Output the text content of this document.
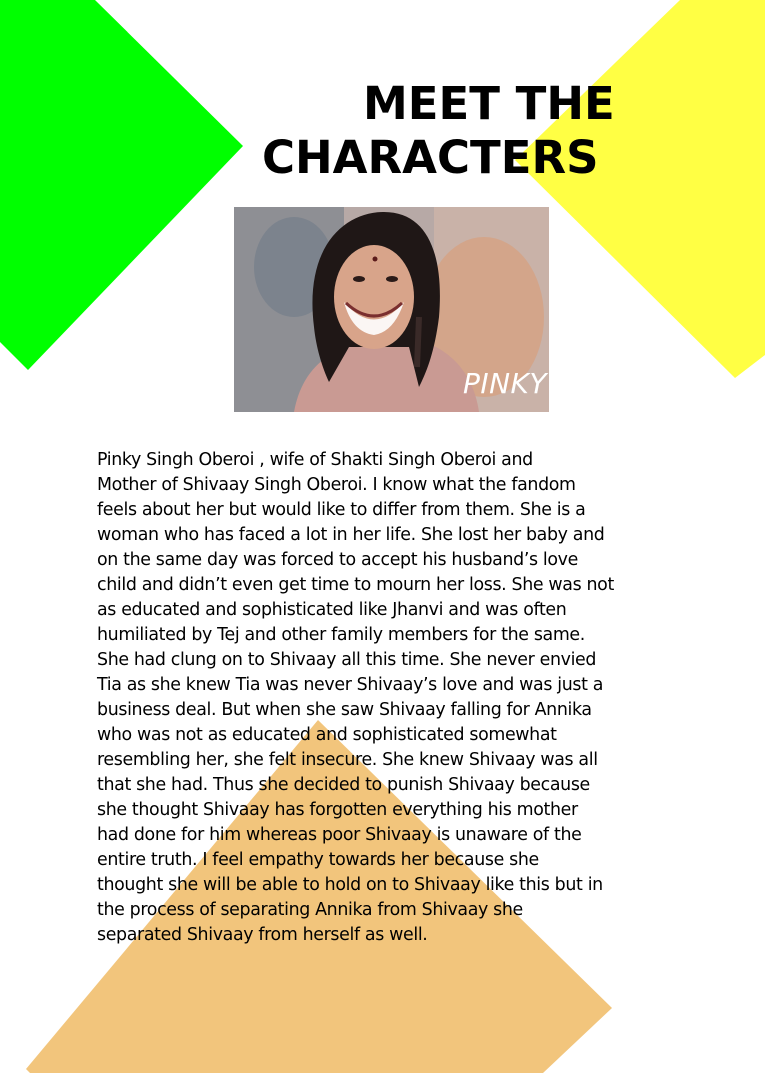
MEET THE
CHARACTERS
PINKY

Pinky Singh Oberoi , wife of Shakti Singh Oberoi and
Mother of Shivaay Singh Oberoi. I know what the fandom
feels about her but would like to differ from them. She is a
woman who has faced a lot in her life. She lost her baby and
on the same day was forced to accept his husband’s love
child and didn’t even get time to mourn her loss. She was not
as educated and sophisticated like Jhanvi and was often
humiliated by Tej and other family members for the same.
She had clung on to Shivaay all this time. She never envied
Tia as she knew Tia was never Shivaay’s love and was just a
business deal. But when she saw Shivaay falling for Annika
who was not as educated and sophisticated somewhat
resembling her, she felt insecure. She knew Shivaay was all
that she had. Thus she decided to punish Shivaay because
she thought Shivaay has forgotten everything his mother
had done for him whereas poor Shivaay is unaware of the
entire truth. I feel empathy towards her because she
thought she will be able to hold on to Shivaay like this but in
the process of separating Annika from Shivaay she
separated Shivaay from herself as well.
